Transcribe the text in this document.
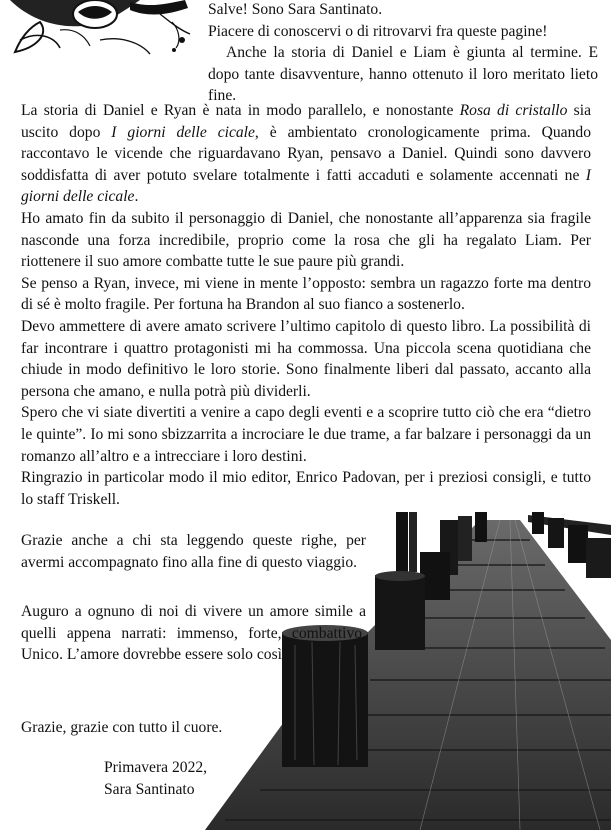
Salve! Sono Sara Santinato.
Piacere di conoscervi o di ritrovarvi fra queste pagine!
Anche la storia di Daniel e Liam è giunta al termine. E dopo tante disavventure, hanno ottenuto il loro meritato lieto fine.

La storia di Daniel e Ryan è nata in modo parallelo, e nonostante Rosa di cristallo sia uscito dopo I giorni delle cicale, è ambientato cronologicamente prima. Quando raccontavo le vicende che riguardavano Ryan, pensavo a Daniel. Quindi sono davvero soddisfatta di aver potuto svelare totalmente i fatti accaduti e solamente accennati ne I giorni delle cicale.

Ho amato fin da subito il personaggio di Daniel, che nonostante all’apparenza sia fragile nasconde una forza incredibile, proprio come la rosa che gli ha regalato Liam. Per riottenere il suo amore combatte tutte le sue paure più grandi.

Se penso a Ryan, invece, mi viene in mente l’opposto: sembra un ragazzo forte ma dentro di sé è molto fragile. Per fortuna ha Brandon al suo fianco a sostenerlo.

Devo ammettere di avere amato scrivere l’ultimo capitolo di questo libro. La possibilità di far incontrare i quattro protagonisti mi ha commossa. Una piccola scena quotidiana che chiude in modo definitivo le loro storie. Sono finalmente liberi dal passato, accanto alla persona che amano, e nulla potrà più dividerli.

Spero che vi siate divertiti a venire a capo degli eventi e a scoprire tutto ciò che era “dietro le quinte”. Io mi sono sbizzarrita a incrociare le due trame, a far balzare i personaggi da un romanzo all’altro e a intrecciare i loro destini.

Ringrazio in particolar modo il mio editor, Enrico Padovan, per i preziosi consigli, e tutto lo staff Triskell.

Grazie anche a chi sta leggendo queste righe, per avermi accompagnato fino alla fine di questo viaggio.
Auguro a ognuno di noi di vivere un amore simile a quelli appena narrati: immenso, forte, combattivo. Unico. L’amore dovrebbe essere solo così.
Grazie, grazie con tutto il cuore.
Primavera 2022,
Sara Santinato
